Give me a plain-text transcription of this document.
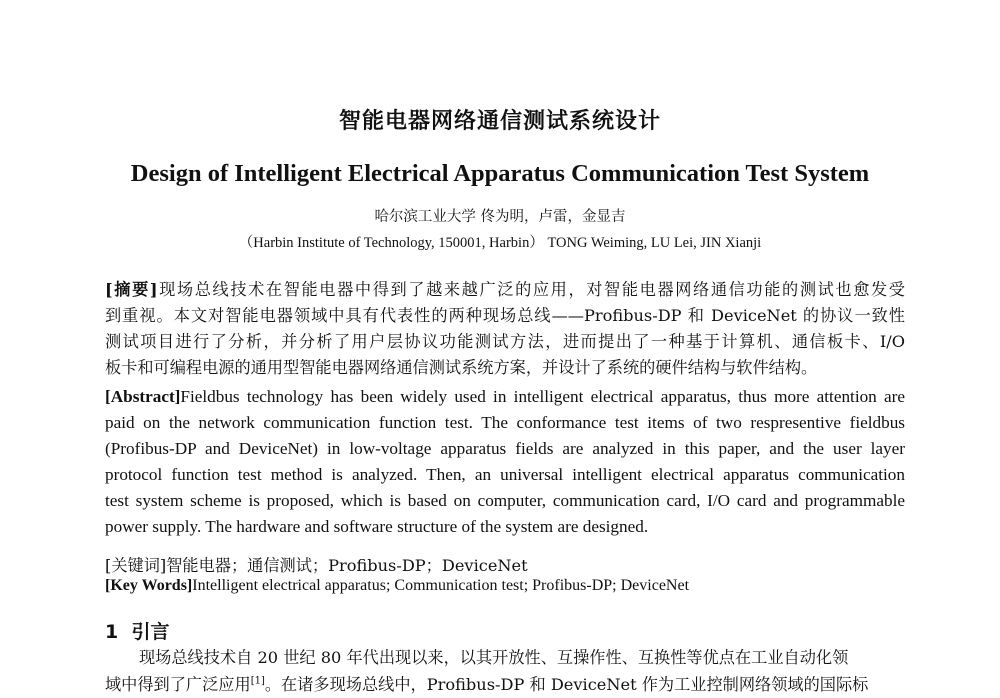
智能电器网络通信测试系统设计
Design of Intelligent Electrical Apparatus Communication Test System
哈尔滨工业大学 佟为明，卢雷，金显吉
（Harbin Institute of Technology, 150001, Harbin） TONG Weiming, LU Lei, JIN Xianji
[摘要]现场总线技术在智能电器中得到了越来越广泛的应用，对智能电器网络通信功能的测试也愈发受
到重视。本文对智能电器领域中具有代表性的两种现场总线——Profibus-DP 和 DeviceNet 的协议一致性
测试项目进行了分析，并分析了用户层协议功能测试方法，进而提出了一种基于计算机、通信板卡、I/O
板卡和可编程电源的通用型智能电器网络通信测试系统方案，并设计了系统的硬件结构与软件结构。
[Abstract]Fieldbus technology has been widely used in intelligent electrical apparatus, thus more attention are
paid on the network communication function test. The conformance test items of two respresentive fieldbus
(Profibus-DP and DeviceNet) in low-voltage apparatus fields are analyzed in this paper, and the user layer
protocol function test method is analyzed. Then, an universal intelligent electrical apparatus communication
test system scheme is proposed, which is based on computer, communication card, I/O card and programmable
power supply. The hardware and software structure of the system are designed.
[关键词]智能电器；通信测试；Profibus-DP；DeviceNet
[Key Words]Intelligent electrical apparatus; Communication test; Profibus-DP; DeviceNet
1 引言
现场总线技术自 20 世纪 80 年代出现以来，以其开放性、互操作性、互换性等优点在工业自动化领
域中得到了广泛应用[1]。在诸多现场总线中，Profibus-DP 和 DeviceNet 作为工业控制网络领域的国际标
